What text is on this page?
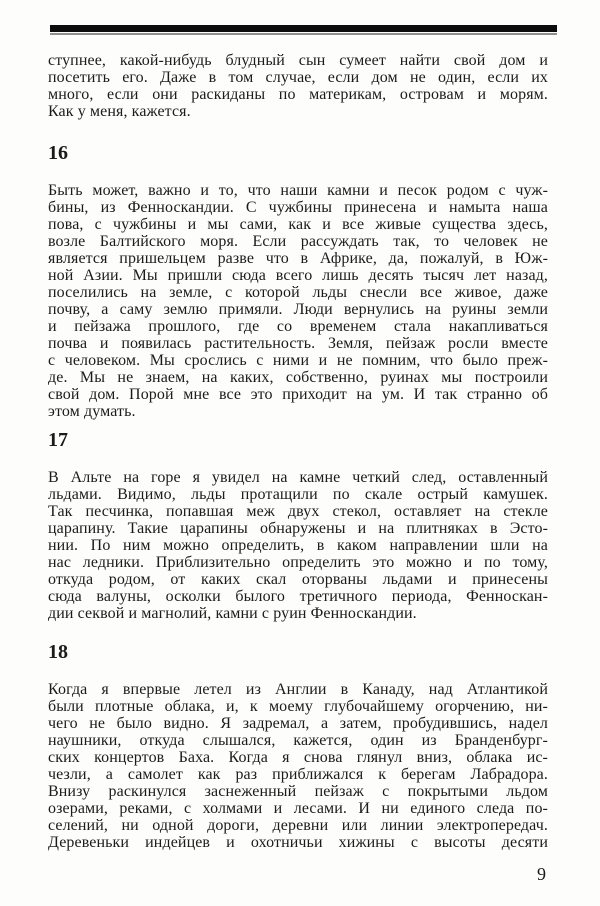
ступнее, какой-нибудь блудный сын сумеет найти свой дом и
посетить его. Даже в том случае, если дом не один, если их
много, если они раскиданы по материкам, островам и морям.
Как у меня, кажется.
16
Быть может, важно и то, что наши камни и песок родом с чуж-
бины, из Фенноскандии. С чужбины принесена и намыта наша
пова, с чужбины и мы сами, как и все живые существа здесь,
возле Балтийского моря. Если рассуждать так, то человек не
является пришельцем разве что в Африке, да, пожалуй, в Юж-
ной Азии. Мы пришли сюда всего лишь десять тысяч лет назад,
поселились на земле, с которой льды снесли все живое, даже
почву, а саму землю примяли. Люди вернулись на руины земли
и пейзажа прошлого, где со временем стала накапливаться
почва и появилась растительность. Земля, пейзаж росли вместе
с человеком. Мы срослись с ними и не помним, что было преж-
де. Мы не знаем, на каких, собственно, руинах мы построили
свой дом. Порой мне все это приходит на ум. И так странно об
этом думать.
17
В Альте на горе я увидел на камне четкий след, оставленный
льдами. Видимо, льды протащили по скале острый камушек.
Так песчинка, попавшая меж двух стекол, оставляет на стекле
царапину. Такие царапины обнаружены и на плитняках в Эсто-
нии. По ним можно определить, в каком направлении шли на
нас ледники. Приблизительно определить это можно и по тому,
откуда родом, от каких скал оторваны льдами и принесены
сюда валуны, осколки былого третичного периода, Фенноскан-
дии секвой и магнолий, камни с руин Фенноскандии.
18
Когда я впервые летел из Англии в Канаду, над Атлантикой
были плотные облака, и, к моему глубочайшему огорчению, ни-
чего не было видно. Я задремал, а затем, пробудившись, надел
наушники, откуда слышался, кажется, один из Бранденбург-
ских концертов Баха. Когда я снова глянул вниз, облака ис-
чезли, а самолет как раз приближался к берегам Лабрадора.
Внизу раскинулся заснеженный пейзаж с покрытыми льдом
озерами, реками, с холмами и лесами. И ни единого следа по-
селений, ни одной дороги, деревни или линии электропередач.
Деревеньки индейцев и охотничьи хижины с высоты десяти
9
